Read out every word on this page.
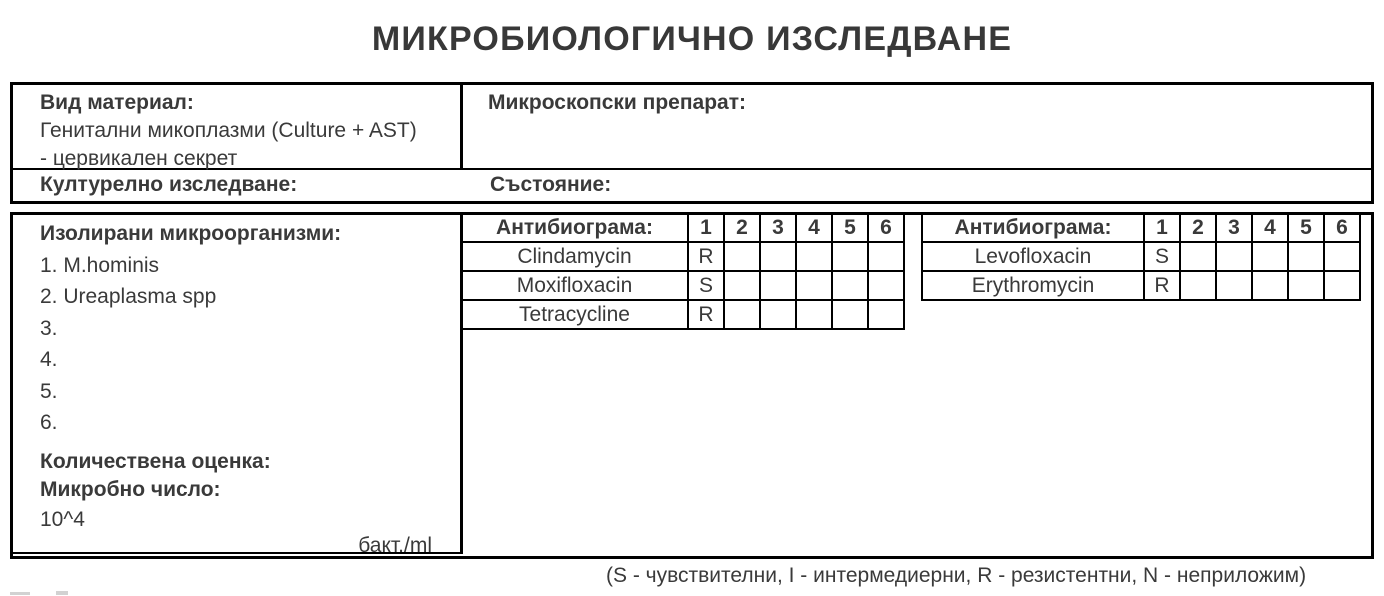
МИКРОБИОЛОГИЧНО ИЗСЛЕДВАНЕ
Вид материал:
Генитални микоплазми (Culture + AST)
- цервикален секрет
Микроскопски препарат:
Културелно изследване:	Състояние:
Изолирани микроорганизми:
1. M.hominis
2. Ureaplasma spp
3.
4.
5.
6.
Количествена оценка:
Микробно число:
10^4
бакт./ml
Антибиограма:	1	2	3	4	5	6
Clindamycin	R					
Moxifloxacin	S					
Tetracycline	R					
Антибиограма:	1	2	3	4	5	6
Levofloxacin	S					
Erythromycin	R					
(S - чувствителни, I - интермедиерни, R - резистентни, N - неприложим)
